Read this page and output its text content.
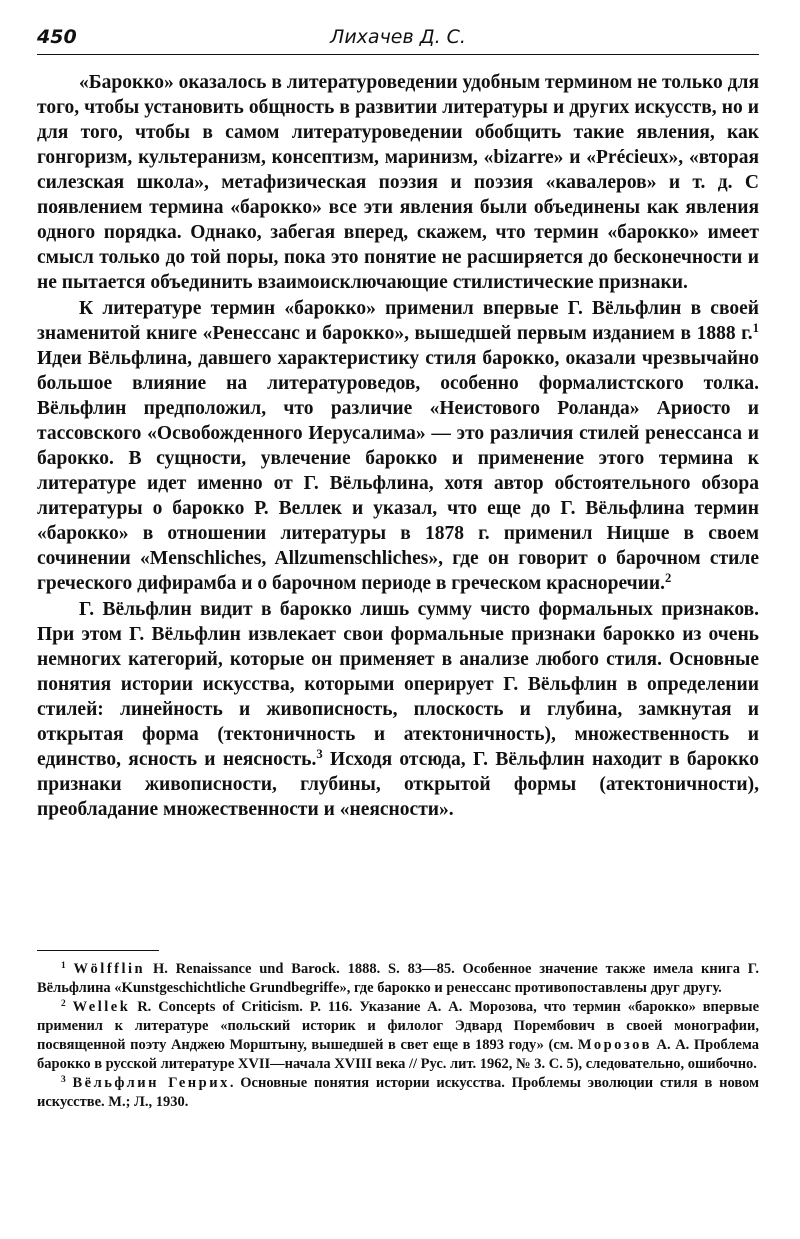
450	Лихачев Д. С.

«Барокко» оказалось в литературоведении удобным термином не только для того, чтобы установить общность в развитии литературы и других искусств, но и для того, чтобы в самом литературоведении обобщить такие явления, как гонгоризм, культеранизм, консептизм, маринизм, «bizarre» и «Précieux», «вторая силезская школа», метафизическая поэзия и поэзия «кавалеров» и т. д. С появлением термина «барокко» все эти явления были объединены как явления одного порядка. Однако, забегая вперед, скажем, что термин «барокко» имеет смысл только до той поры, пока это понятие не расширяется до бесконечности и не пытается объединить взаимоисключающие стилистические признаки.

К литературе термин «барокко» применил впервые Г. Вёльфлин в своей знаменитой книге «Ренессанс и барокко», вышедшей первым изданием в 1888 г.$^1$ Идеи Вёльфлина, давшего характеристику стиля барокко, оказали чрезвычайно большое влияние на литературоведов, особенно формалистского толка. Вёльфлин предположил, что различие «Неистового Роланда» Ариосто и тассовского «Освобожденного Иерусалима» — это различия стилей ренессанса и барокко. В сущности, увлечение барокко и применение этого термина к литературе идет именно от Г. Вёльфлина, хотя автор обстоятельного обзора литературы о барокко Р. Веллек и указал, что еще до Г. Вёльфлина термин «барокко» в отношении литературы в 1878 г. применил Ницше в своем сочинении «Menschliches, Allzumenschliches», где он говорит о барочном стиле греческого дифирамба и о барочном периоде в греческом красноречии.$^2$

Г. Вёльфлин видит в барокко лишь сумму чисто формальных признаков. При этом Г. Вёльфлин извлекает свои формальные признаки барокко из очень немногих категорий, которые он применяет в анализе любого стиля. Основные понятия истории искусства, которыми оперирует Г. Вёльфлин в определении стилей: линейность и живописность, плоскость и глубина, замкнутая и открытая форма (тектоничность и атектоничность), множественность и единство, ясность и неясность.$^3$ Исходя отсюда, Г. Вёльфлин находит в барокко признаки живописности, глубины, открытой формы (атектоничности), преобладание множественности и «неясности».

$^1$ Wölfflin H. Renaissance und Barock. 1888. S. 83—85. Особенное значение также имела книга Г. Вёльфлина «Kunstgeschichtliche Grundbegriffe», где барокко и ренессанс противопоставлены друг другу.

$^2$ Wellek R. Concepts of Criticism. P. 116. Указание А. А. Морозова, что термин «барокко» впервые применил к литературе «польский историк и филолог Эдвард Порембович в своей монографии, посвященной поэту Анджею Морштыну, вышедшей в свет еще в 1893 году» (см. Морозов А. А. Проблема барокко в русской литературе XVII—начала XVIII века // Рус. лит. 1962, № 3. С. 5), следовательно, ошибочно.

$^3$ Вёльфлин Генрих. Основные понятия истории искусства. Проблемы эволюции стиля в новом искусстве. М.; Л., 1930.
